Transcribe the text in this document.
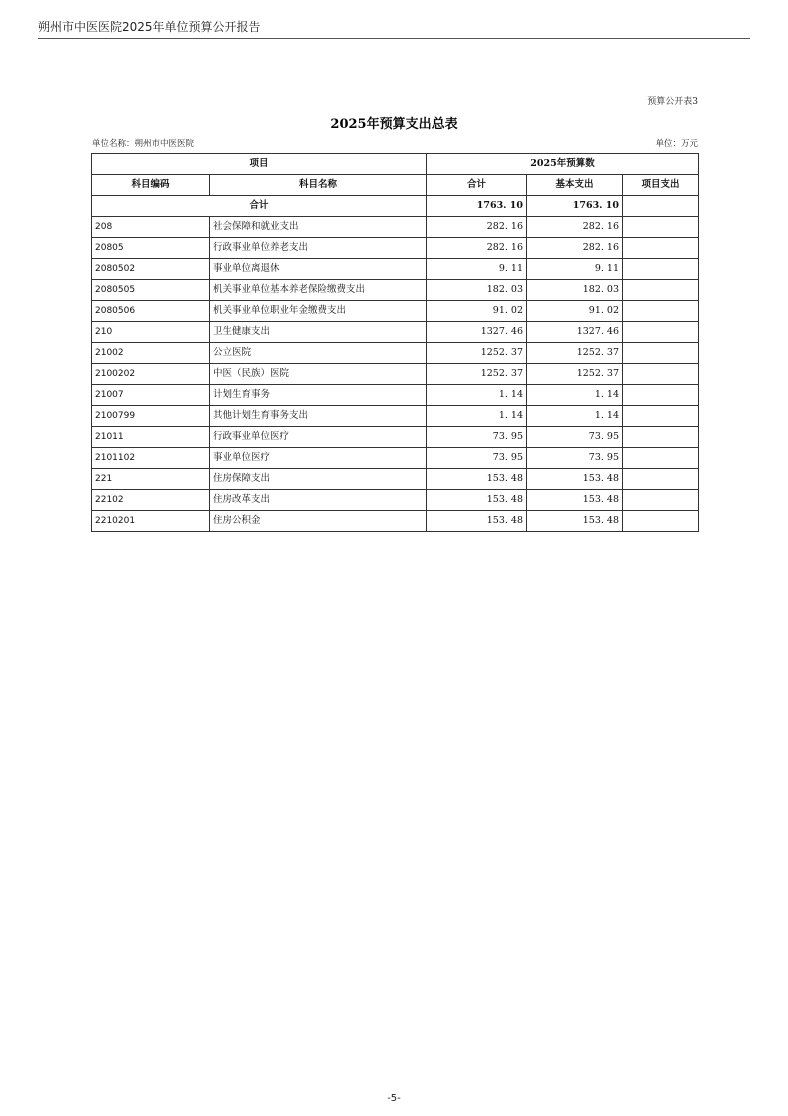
朔州市中医医院2025年单位预算公开报告
预算公开表3
2025年预算支出总表
单位名称：朔州市中医医院	单位：万元
项目		2025年预算数		
科目编码	科目名称	合计	基本支出	项目支出
合计		1763. 10	1763. 10	
208	社会保障和就业支出	282. 16	282. 16	
20805	行政事业单位养老支出	282. 16	282. 16	
2080502	事业单位离退休	9. 11	9. 11	
2080505	机关事业单位基本养老保险缴费支出	182. 03	182. 03	
2080506	机关事业单位职业年金缴费支出	91. 02	91. 02	
210	卫生健康支出	1327. 46	1327. 46	
21002	公立医院	1252. 37	1252. 37	
2100202	中医（民族）医院	1252. 37	1252. 37	
21007	计划生育事务	1. 14	1. 14	
2100799	其他计划生育事务支出	1. 14	1. 14	
21011	行政事业单位医疗	73. 95	73. 95	
2101102	事业单位医疗	73. 95	73. 95	
221	住房保障支出	153. 48	153. 48	
22102	住房改革支出	153. 48	153. 48	
2210201	住房公积金	153. 48	153. 48	
-5-
